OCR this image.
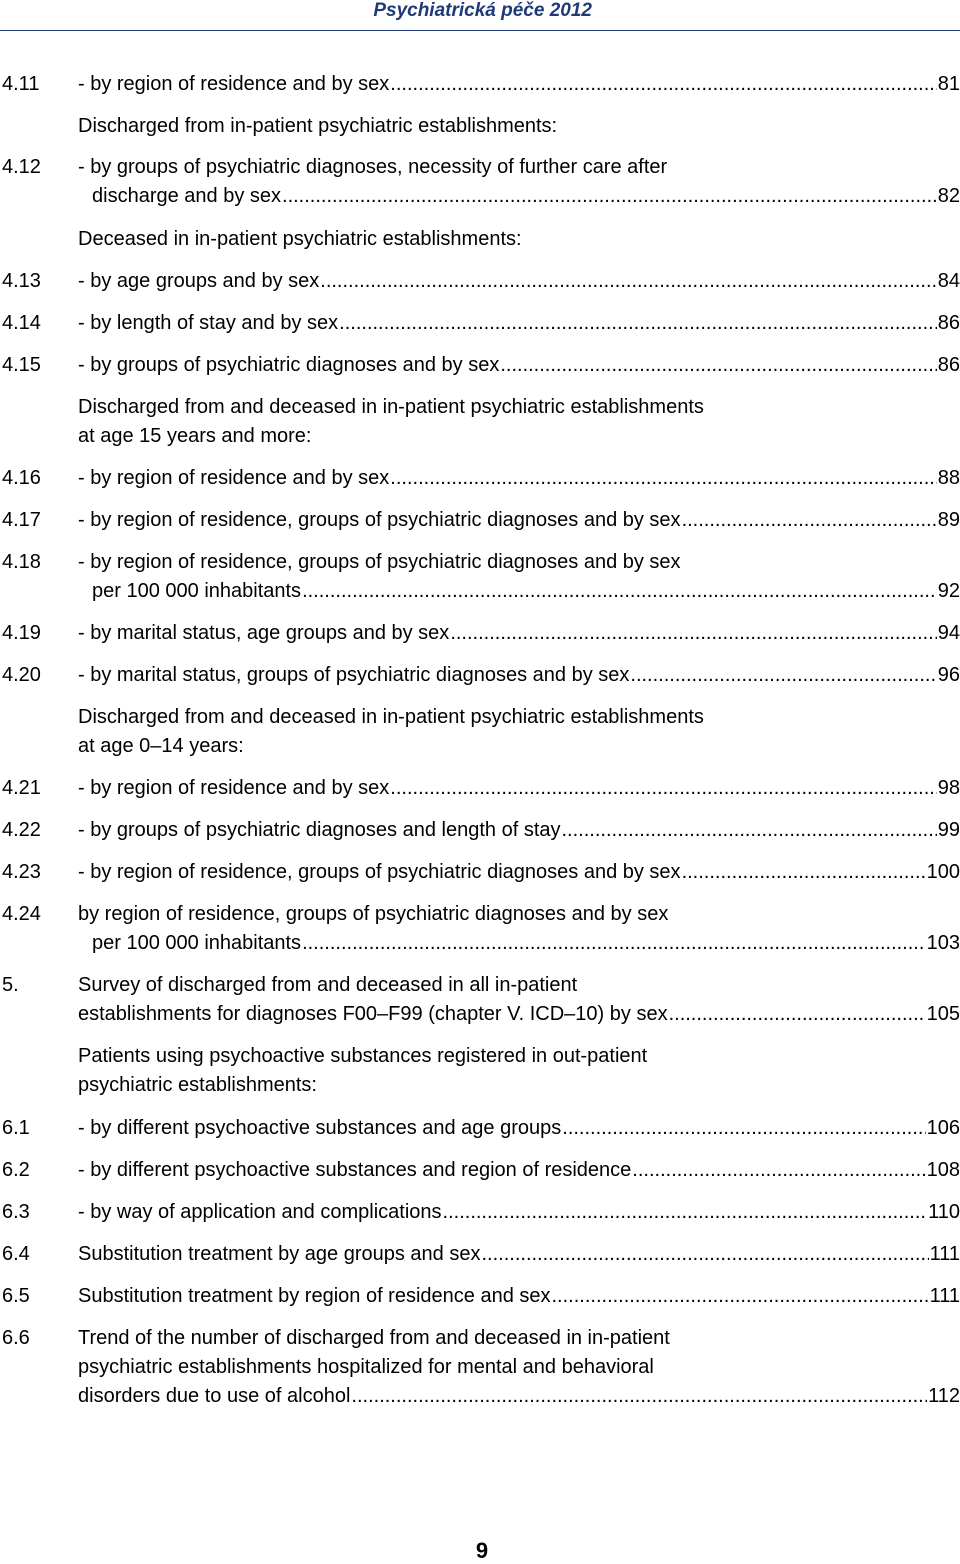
Psychiatrická péče 2012
4.11 - by region of residence and by sex .....	81
Discharged from in-patient psychiatric establishments:
4.12 - by groups of psychiatric diagnoses, necessity of further care after
discharge and by sex .....	82
Deceased in in-patient psychiatric establishments:
4.13 - by age groups and by sex .....	84
4.14 - by length of stay and by sex .....	86
4.15 - by groups of psychiatric diagnoses and by sex .....	86
Discharged from and deceased in in-patient psychiatric establishments
at age 15 years and more:
4.16 - by region of residence and by sex .....	88
4.17 - by region of residence, groups of psychiatric diagnoses and by sex .....	89
4.18 - by region of residence, groups of psychiatric diagnoses and by sex
per 100 000 inhabitants .....	92
4.19 - by marital status, age groups and by sex .....	94
4.20 - by marital status, groups of psychiatric diagnoses and by sex .....	96
Discharged from and deceased in in-patient psychiatric establishments
at age 0–14 years:
4.21 - by region of residence and by sex .....	98
4.22 - by groups of psychiatric diagnoses and length of stay .....	99
4.23 - by region of residence, groups of psychiatric diagnoses and by sex .....	100
4.24 by region of residence, groups of psychiatric diagnoses and by sex
per 100 000 inhabitants .....	103
5.	Survey of discharged from and deceased in all in-patient
establishments for diagnoses F00–F99 (chapter V. ICD–10) by sex .....	105
Patients using psychoactive substances registered in out-patient
psychiatric establishments:
6.1 - by different psychoactive substances and age groups .....	106
6.2 - by different psychoactive substances and region of residence .....	108
6.3 - by way of application and complications .....	110
6.4 Substitution treatment by age groups and sex .....	111
6.5 Substitution treatment by region of residence and sex .....	111
6.6 Trend of the number of discharged from and deceased in in-patient
psychiatric establishments hospitalized for mental and behavioral
disorders due to use of alcohol .....	112
9
